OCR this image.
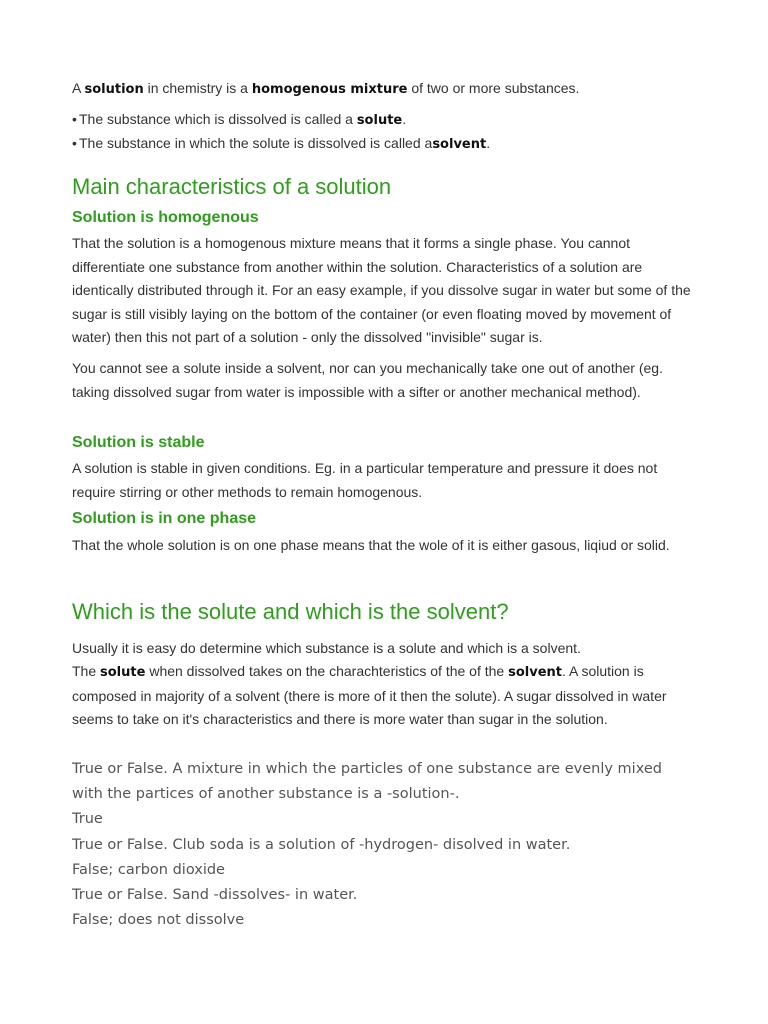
A solution in chemistry is a homogenous mixture of two or more substances.

• The substance which is dissolved is called a solute.

• The substance in which the solute is dissolved is called asolvent.

Main characteristics of a solution
Solution is homogenous

That the solution is a homogenous mixture means that it forms a single phase. You cannot differentiate one substance from another within the solution. Characteristics of a solution are identically distributed through it. For an easy example, if you dissolve sugar in water but some of the sugar is still visibly laying on the bottom of the container (or even floating moved by movement of water) then this not part of a solution - only the dissolved "invisible" sugar is.

You cannot see a solute inside a solvent, nor can you mechanically take one out of another (eg. taking dissolved sugar from water is impossible with a sifter or another mechanical method).

Solution is stable

A solution is stable in given conditions. Eg. in a particular temperature and pressure it does not require stirring or other methods to remain homogenous.

Solution is in one phase

That the whole solution is on one phase means that the wole of it is either gasous, liqiud or solid.

Which is the solute and which is the solvent?

Usually it is easy do determine which substance is a solute and which is a solvent.

The solute when dissolved takes on the charachteristics of the of the solvent. A solution is composed in majority of a solvent (there is more of it then the solute). A sugar dissolved in water seems to take on it's characteristics and there is more water than sugar in the solution.

True or False. A mixture in which the particles of one substance are evenly mixed with the partices of another substance is a -solution-.

True

True or False. Club soda is a solution of -hydrogen- disolved in water.

False; carbon dioxide

True or False. Sand -dissolves- in water.

False; does not dissolve
